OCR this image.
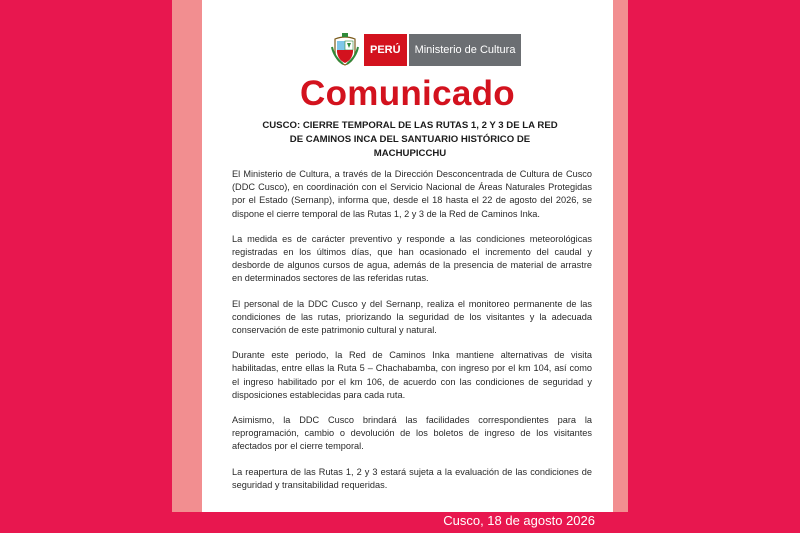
PERÚ	Ministerio de Cultura
Comunicado
CUSCO: CIERRE TEMPORAL DE LAS RUTAS 1, 2 Y 3 DE LA RED DE CAMINOS INCA DEL SANTUARIO HISTÓRICO DE MACHUPICCHU

El Ministerio de Cultura, a través de la Dirección Desconcentrada de Cultura de Cusco (DDC Cusco), en coordinación con el Servicio Nacional de Áreas Naturales Protegidas por el Estado (Sernanp), informa que, desde el 18 hasta el 22 de agosto del 2026, se dispone el cierre temporal de las Rutas 1, 2 y 3 de la Red de Caminos Inka.

La medida es de carácter preventivo y responde a las condiciones meteorológicas registradas en los últimos días, que han ocasionado el incremento del caudal y desborde de algunos cursos de agua, además de la presencia de material de arrastre en determinados sectores de las referidas rutas.

El personal de la DDC Cusco y del Sernanp, realiza el monitoreo permanente de las condiciones de las rutas, priorizando la seguridad de los visitantes y la adecuada conservación de este patrimonio cultural y natural.

Durante este periodo, la Red de Caminos Inka mantiene alternativas de visita habilitadas, entre ellas la Ruta 5 – Chachabamba, con ingreso por el km 104, así como el ingreso habilitado por el km 106, de acuerdo con las condiciones de seguridad y disposiciones establecidas para cada ruta.

Asimismo, la DDC Cusco brindará las facilidades correspondientes para la reprogramación, cambio o devolución de los boletos de ingreso de los visitantes afectados por el cierre temporal.

La reapertura de las Rutas 1, 2 y 3 estará sujeta a la evaluación de las condiciones de seguridad y transitabilidad requeridas.

Cusco, 18 de agosto 2026
